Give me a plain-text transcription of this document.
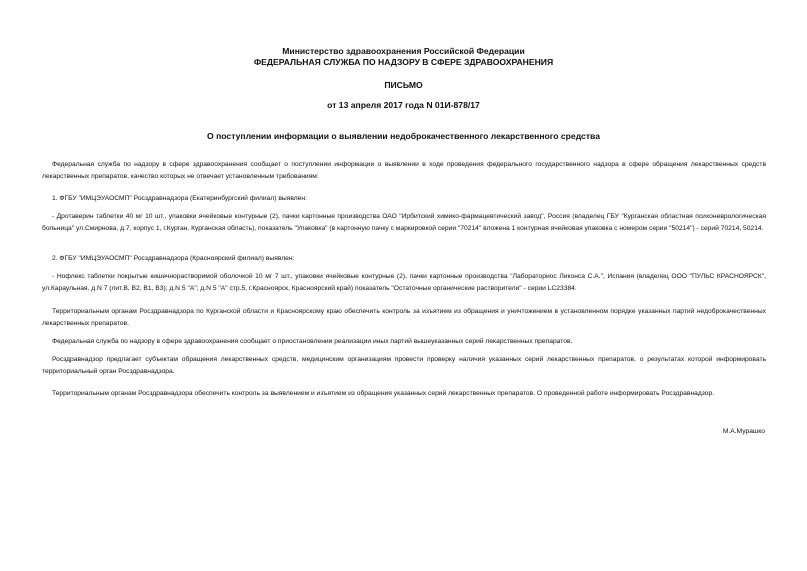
Министерство здравоохранения Российской Федерации
ФЕДЕРАЛЬНАЯ СЛУЖБА ПО НАДЗОРУ В СФЕРЕ ЗДРАВООХРАНЕНИЯ
ПИСЬМО
от 13 апреля 2017 года N 01И-878/17
О поступлении информации о выявлении недоброкачественного лекарственного средства
Федеральная служба по надзору в сфере здравоохранения сообщает о поступлении информации о выявлении в ходе проведения федерального государственного надзора в сфере обращения лекарственных средств лекарственных препаратов, качество которых не отвечает установленным требованиям:
1. ФГБУ "ИМЦЭУАОСМП" Росздравнадзора (Екатеринбургский филиал) выявлен:
- Дротаверин таблетки 40 мг 10 шт., упаковки ячейковые контурные (2), пачки картонные производства ОАО "Ирбитский химико-фармацевтический завод", Россия (владелец ГБУ "Курганская областная психоневрологическая больница" ул.Смирнова, д.7, корпус 1, г.Курган, Курганская область), показатель "Упаковка" (в картонную пачку с маркировкой серии "70214" вложена 1 контурная ячейковая упаковка с номером серии "50214") - серий 70214, 50214.
2. ФГБУ "ИМЦЭУАОСМП" Росздравнадзора (Красноярский филиал) выявлен:
- Нофлекс таблетки покрытые кишечнорастворимой оболочкой 10 мг 7 шт., упаковки ячейковые контурные (2), пачки картонные производства "Лабораториос Ликонса С.А.", Испания (владелец ООО "ПУЛЬС КРАСНОЯРСК", ул.Караульная, д.N 7 (лит.В, В2, В1, В3); д.N 5 "А"; д.N 5 "А" стр.5, г.Красноярск, Красноярский край) показатель "Остаточные органические растворители" - серии LC23384.
Территориальным органам Росздравнадзора по Курганской области и Красноярскому краю обеспечить контроль за изъятием из обращения и уничтожением в установленном порядке указанных партий недоброкачественных лекарственных препаратов.
Федеральная служба по надзору в сфере здравоохранения сообщает о приостановлении реализации иных партий вышеуказанных серий лекарственных препаратов.
Росздравнадзор предлагает субъектам обращения лекарственных средств, медицинским организациям провести проверку наличия указанных серий лекарственных препаратов, о результатах которой информировать территориальный орган Росздравнадзора.
Территориальным органам Росздравнадзора обеспечить контроль за выявлением и изъятием из обращения указанных серий лекарственных препаратов. О проведенной работе информировать Росздравнадзор.
М.А.Мурашко
